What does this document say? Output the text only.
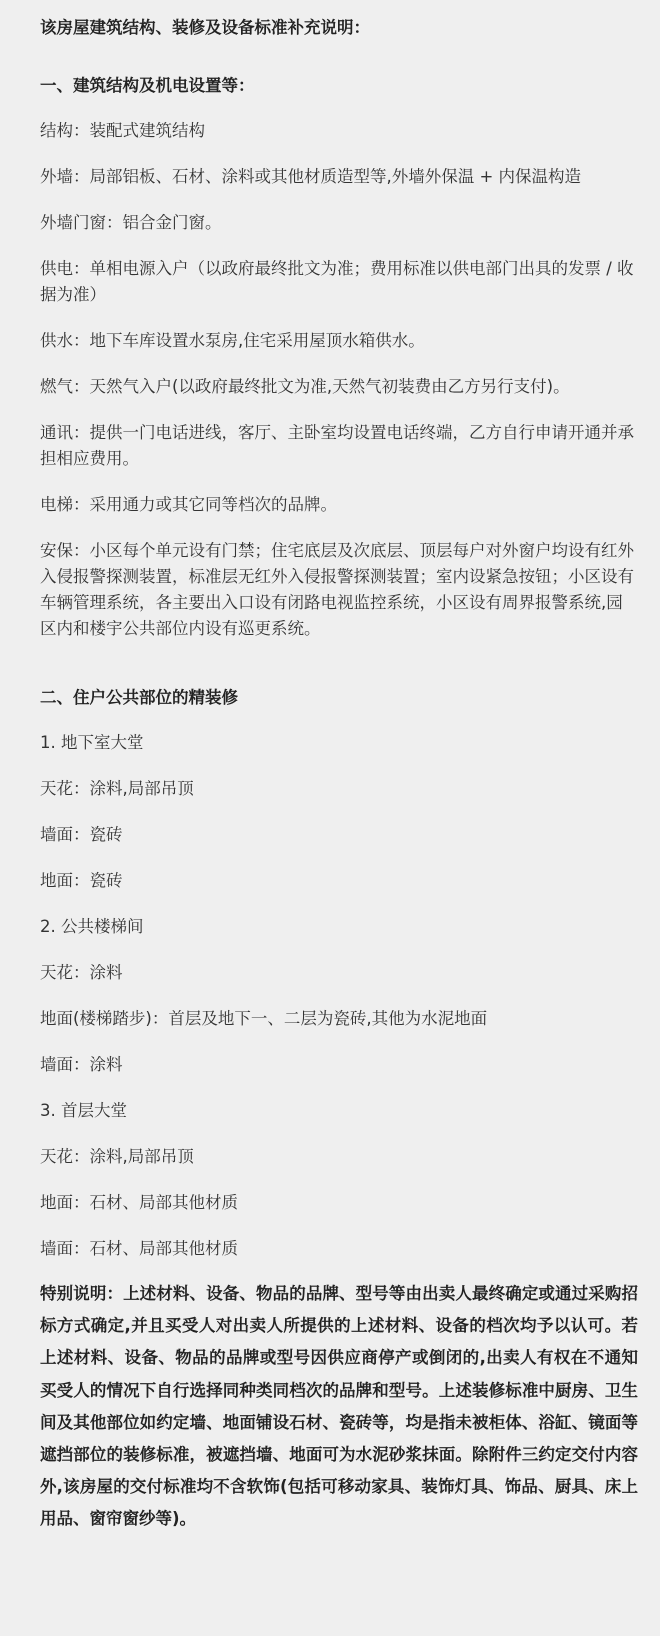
该房屋建筑结构、装修及设备标准补充说明：

一、建筑结构及机电设置等：

结构：装配式建筑结构

外墙：局部铝板、石材、涂料或其他材质造型等,外墙外保温 + 内保温构造

外墙门窗：铝合金门窗。

供电：单相电源入户（以政府最终批文为准；费用标准以供电部门出具的发票 / 收据为准）

供水：地下车库设置水泵房,住宅采用屋顶水箱供水。

燃气：天然气入户(以政府最终批文为准,天然气初装费由乙方另行支付)。

通讯：提供一门电话进线，客厅、主卧室均设置电话终端，乙方自行申请开通并承担相应费用。

电梯：采用通力或其它同等档次的品牌。

安保：小区每个单元设有门禁；住宅底层及次底层、顶层每户对外窗户均设有红外入侵报警探测装置，标准层无红外入侵报警探测装置；室内设紧急按钮；小区设有车辆管理系统，各主要出入口设有闭路电视监控系统，小区设有周界报警系统,园区内和楼宇公共部位内设有巡更系统。

二、住户公共部位的精装修

1. 地下室大堂

天花：涂料,局部吊顶

墙面：瓷砖

地面：瓷砖

2. 公共楼梯间

天花：涂料

地面(楼梯踏步)：首层及地下一、二层为瓷砖,其他为水泥地面

墙面：涂料

3. 首层大堂

天花：涂料,局部吊顶

地面：石材、局部其他材质

墙面：石材、局部其他材质

特别说明：上述材料、设备、物品的品牌、型号等由出卖人最终确定或通过采购招标方式确定,并且买受人对出卖人所提供的上述材料、设备的档次均予以认可。若上述材料、设备、物品的品牌或型号因供应商停产或倒闭的,出卖人有权在不通知买受人的情况下自行选择同种类同档次的品牌和型号。上述装修标准中厨房、卫生间及其他部位如约定墙、地面铺设石材、瓷砖等，均是指未被柜体、浴缸、镜面等遮挡部位的装修标准，被遮挡墙、地面可为水泥砂浆抹面。除附件三约定交付内容外,该房屋的交付标准均不含软饰(包括可移动家具、装饰灯具、饰品、厨具、床上用品、窗帘窗纱等)。
